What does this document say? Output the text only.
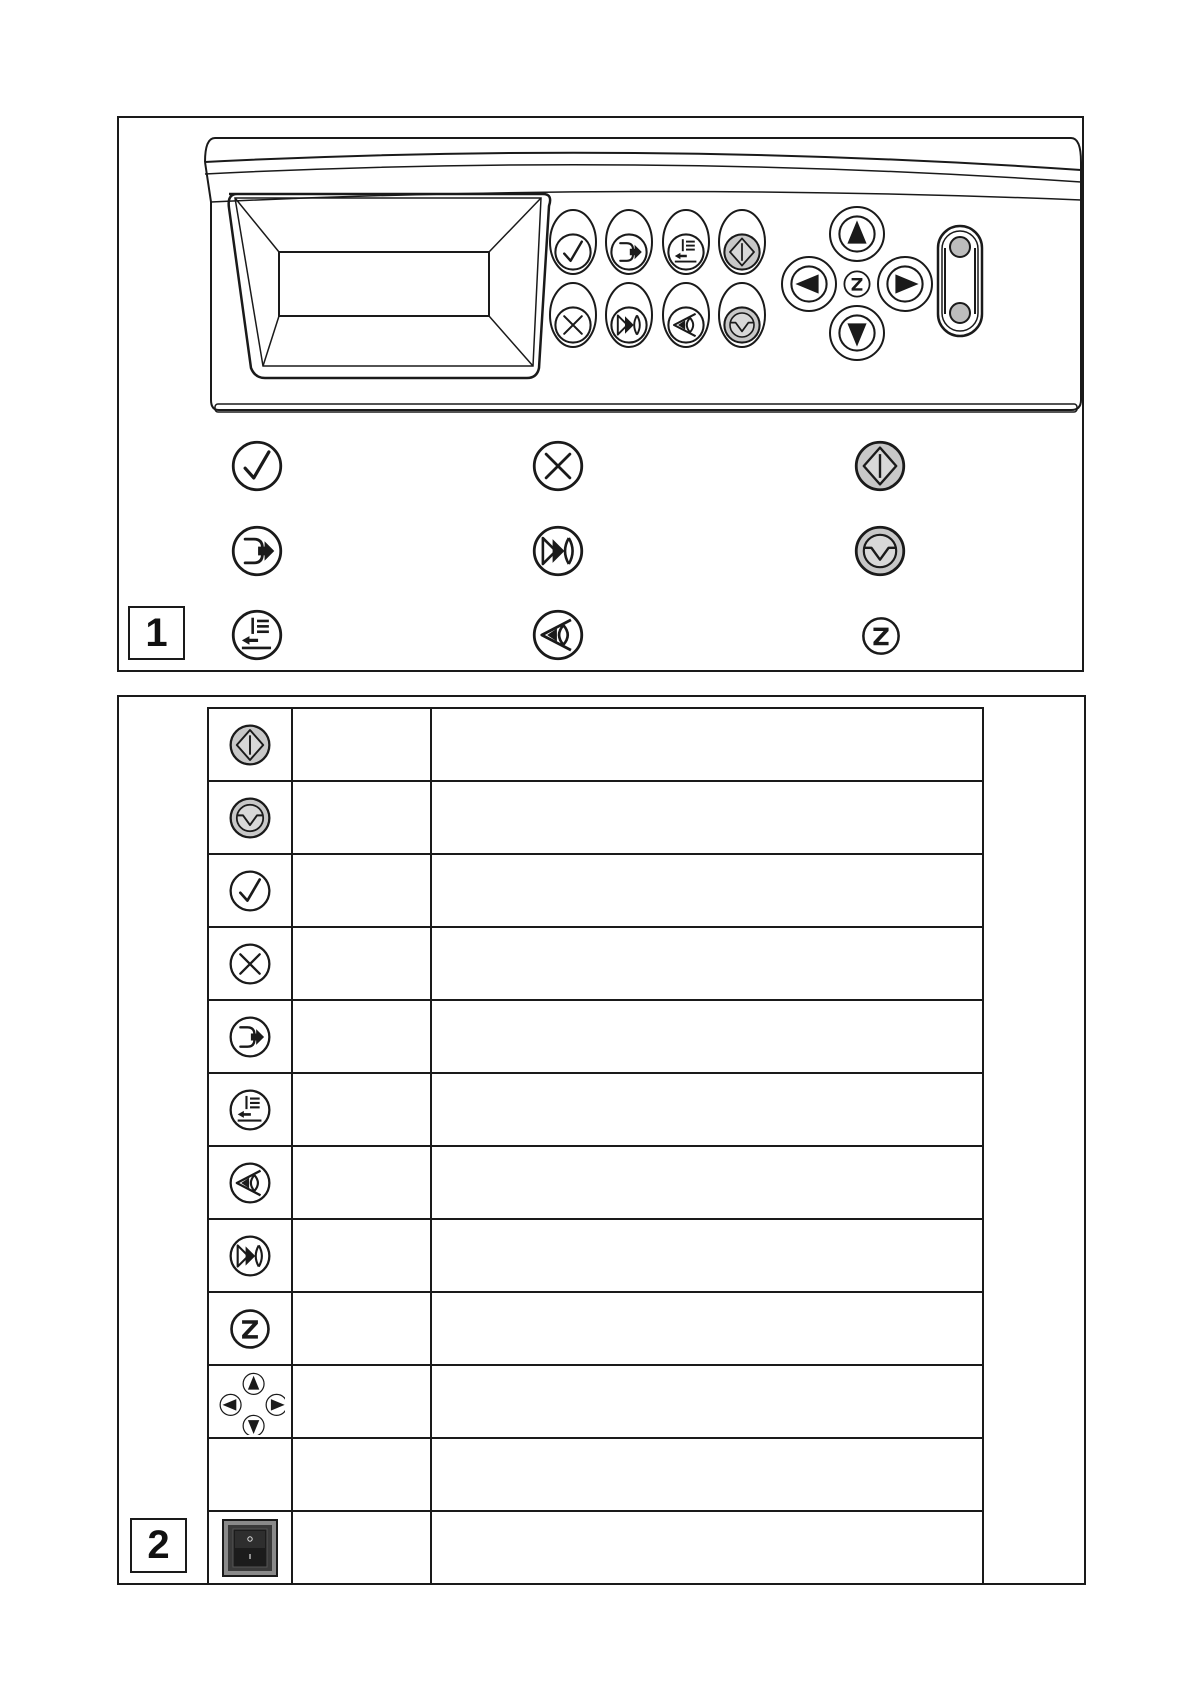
1

2
